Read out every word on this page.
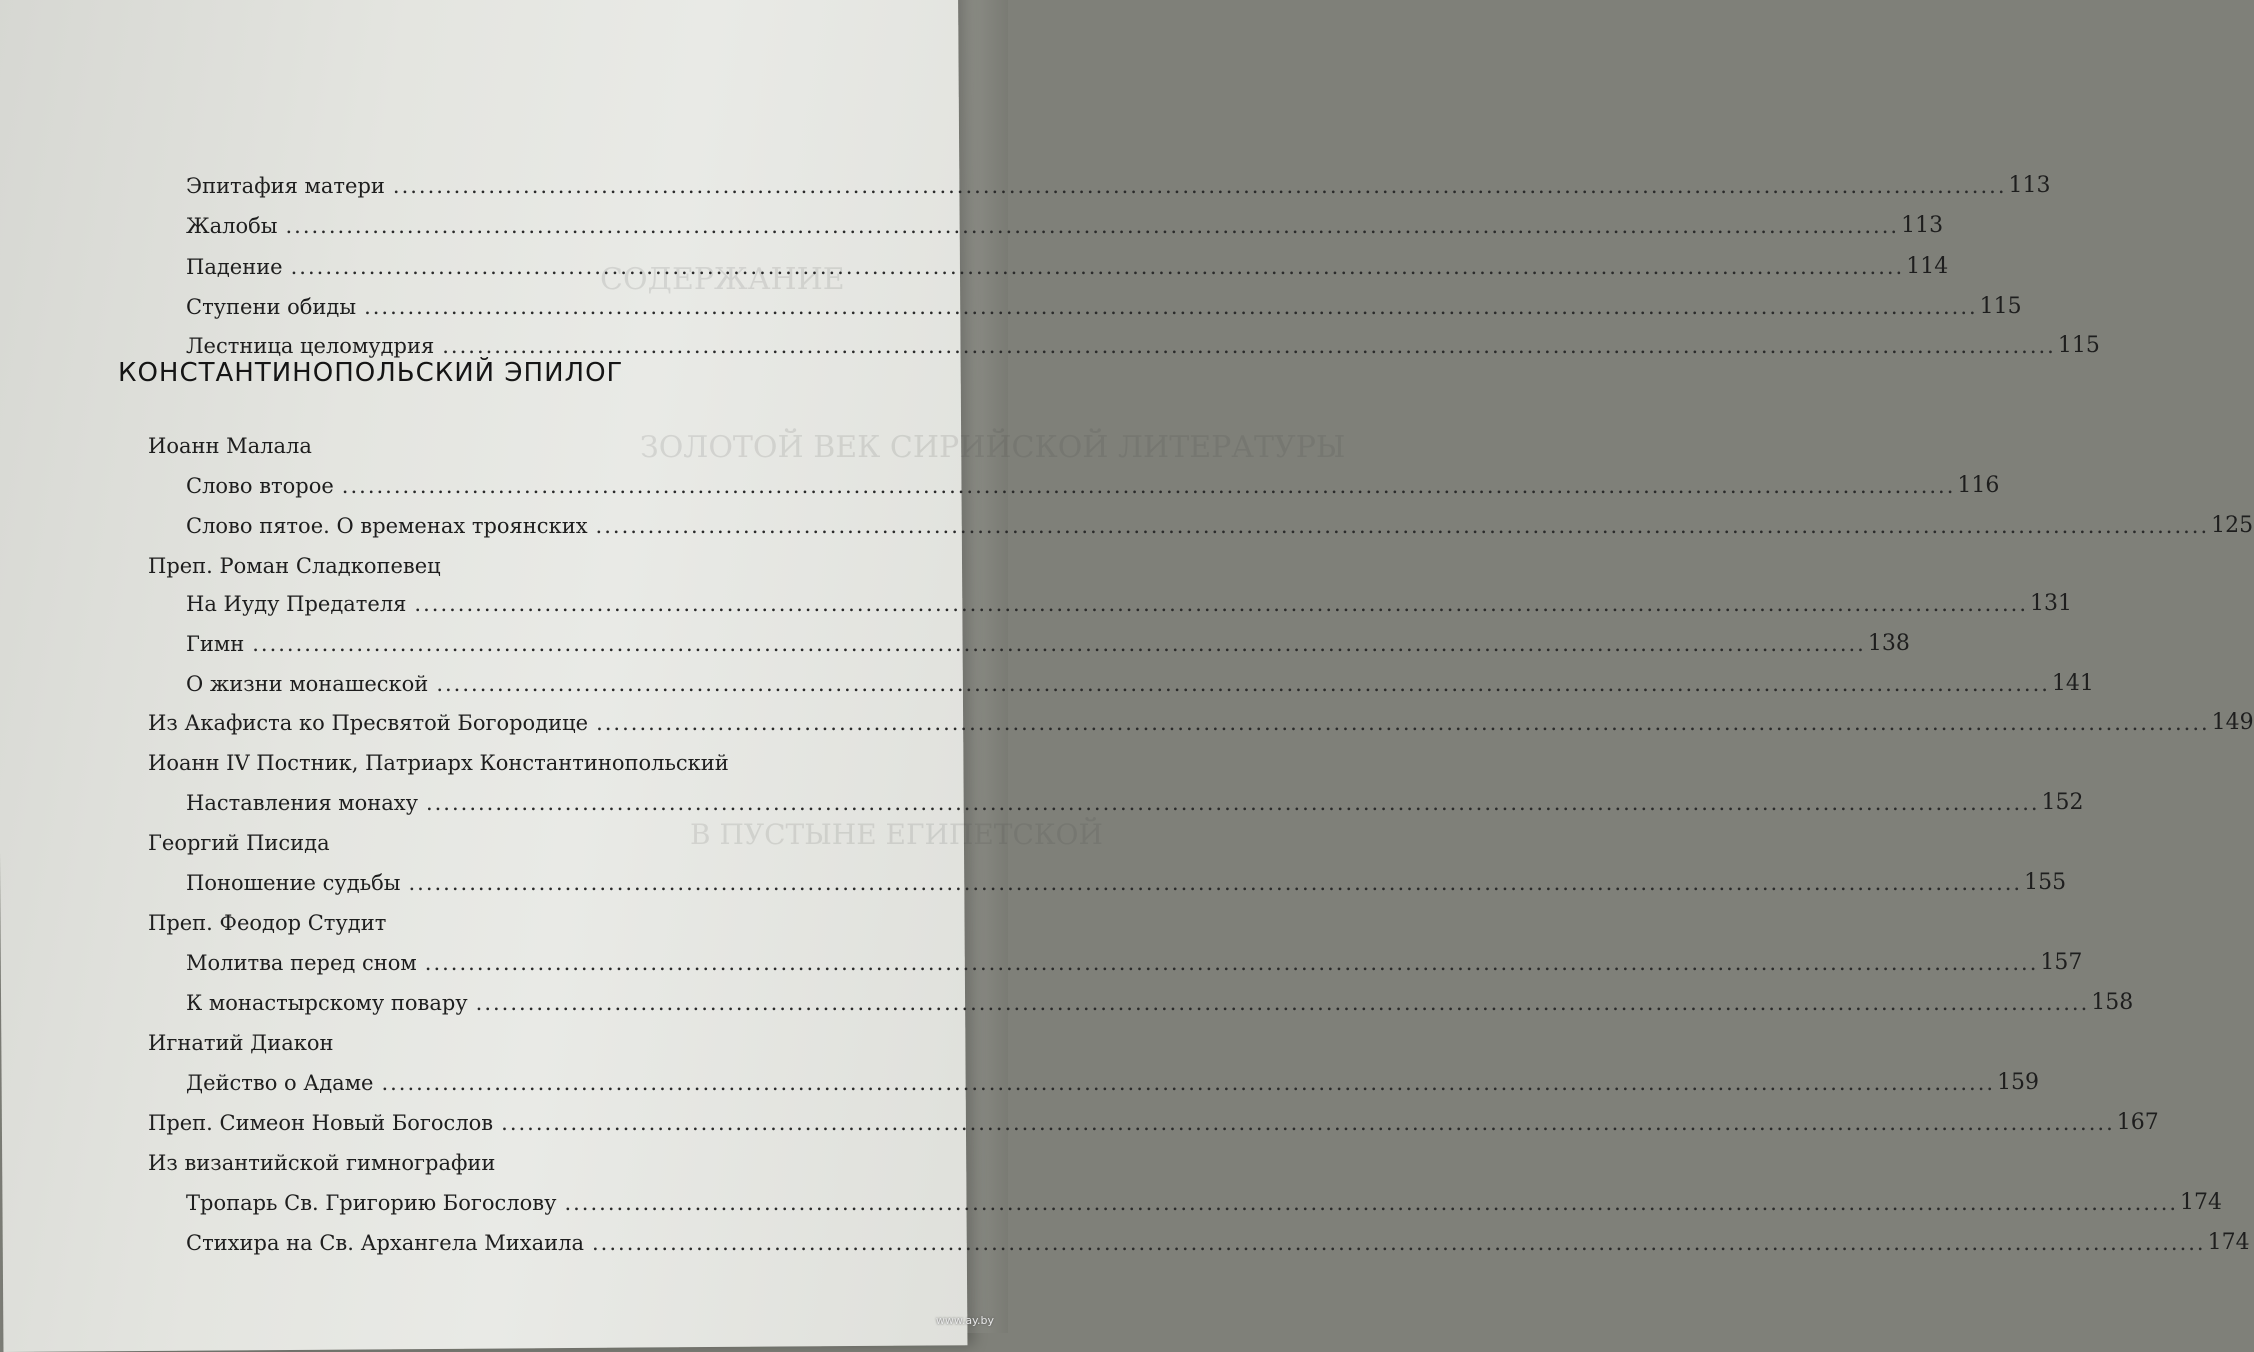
СОДЕРЖАНИЕ
ЗОЛОТОЙ ВЕК СИРИЙСКОЙ ЛИТЕРАТУРЫ
В ПУСТЫНЕ ЕГИПЕТСКОЙ
Эпитафия матери .....	113
Жалобы .....	113
Падение .....	114
Ступени обиды .....	115
Лестница целомудрия .....	115
КОНСТАНТИНОПОЛЬСКИЙ ЭПИЛОГ
Иоанн Малала
Слово второе .....	116
Слово пятое. О временах троянских .....	125
Преп. Роман Сладкопевец
На Иуду Предателя .....	131
Гимн .....	138
О жизни монашеской .....	141
Из Акафиста ко Пресвятой Богородице .....	149
Иоанн IV Постник, Патриарх Константинопольский
Наставления монаху .....	152
Георгий Писида
Поношение судьбы .....	155
Преп. Феодор Студит
Молитва перед сном .....	157
К монастырскому повару .....	158
Игнатий Диакон
Действо о Адаме .....	159
Преп. Симеон Новый Богослов .....	167
Из византийской гимнографии
Тропарь Св. Григорию Богослову .....	174
Стихира на Св. Архангела Михаила .....	174
www.ay.by
